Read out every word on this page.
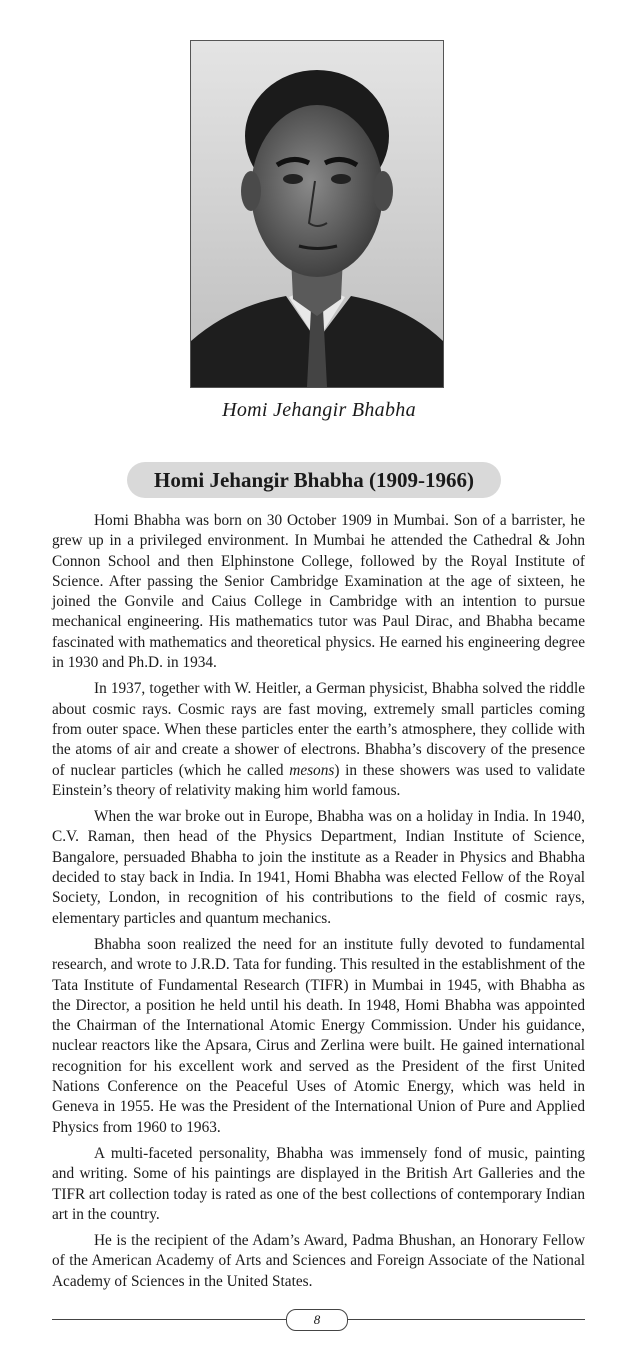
Homi Jehangir Bhabha
Homi Jehangir Bhabha (1909-1966)

Homi Bhabha was born on 30 October 1909 in Mumbai. Son of a barrister, he grew up in a privileged environment. In Mumbai he attended the Cathedral & John Connon School and then Elphinstone College, followed by the Royal Institute of Science. After passing the Senior Cambridge Examination at the age of sixteen, he joined the Gonvile and Caius College in Cambridge with an intention to pursue mechanical engineering. His mathematics tutor was Paul Dirac, and Bhabha became fascinated with mathematics and theoretical physics. He earned his engineering degree in 1930 and Ph.D. in 1934.

In 1937, together with W. Heitler, a German physicist, Bhabha solved the riddle about cosmic rays. Cosmic rays are fast moving, extremely small particles coming from outer space. When these particles enter the earth’s atmosphere, they collide with the atoms of air and create a shower of electrons. Bhabha’s discovery of the presence of nuclear particles (which he called mesons) in these showers was used to validate Einstein’s theory of relativity making him world famous.

When the war broke out in Europe, Bhabha was on a holiday in India. In 1940, C.V. Raman, then head of the Physics Department, Indian Institute of Science, Bangalore, persuaded Bhabha to join the institute as a Reader in Physics and Bhabha decided to stay back in India. In 1941, Homi Bhabha was elected Fellow of the Royal Society, London, in recognition of his contributions to the field of cosmic rays, elementary particles and quantum mechanics.

Bhabha soon realized the need for an institute fully devoted to fundamental research, and wrote to J.R.D. Tata for funding. This resulted in the establishment of the Tata Institute of Fundamental Research (TIFR) in Mumbai in 1945, with Bhabha as the Director, a position he held until his death. In 1948, Homi Bhabha was appointed the Chairman of the International Atomic Energy Commission. Under his guidance, nuclear reactors like the Apsara, Cirus and Zerlina were built. He gained international recognition for his excellent work and served as the President of the first United Nations Conference on the Peaceful Uses of Atomic Energy, which was held in Geneva in 1955. He was the President of the International Union of Pure and Applied Physics from 1960 to 1963.

A multi-faceted personality, Bhabha was immensely fond of music, painting and writing. Some of his paintings are displayed in the British Art Galleries and the TIFR art collection today is rated as one of the best collections of contemporary Indian art in the country.

He is the recipient of the Adam’s Award, Padma Bhushan, an Honorary Fellow of the American Academy of Arts and Sciences and Foreign Associate of the National Academy of Sciences in the United States.

8
